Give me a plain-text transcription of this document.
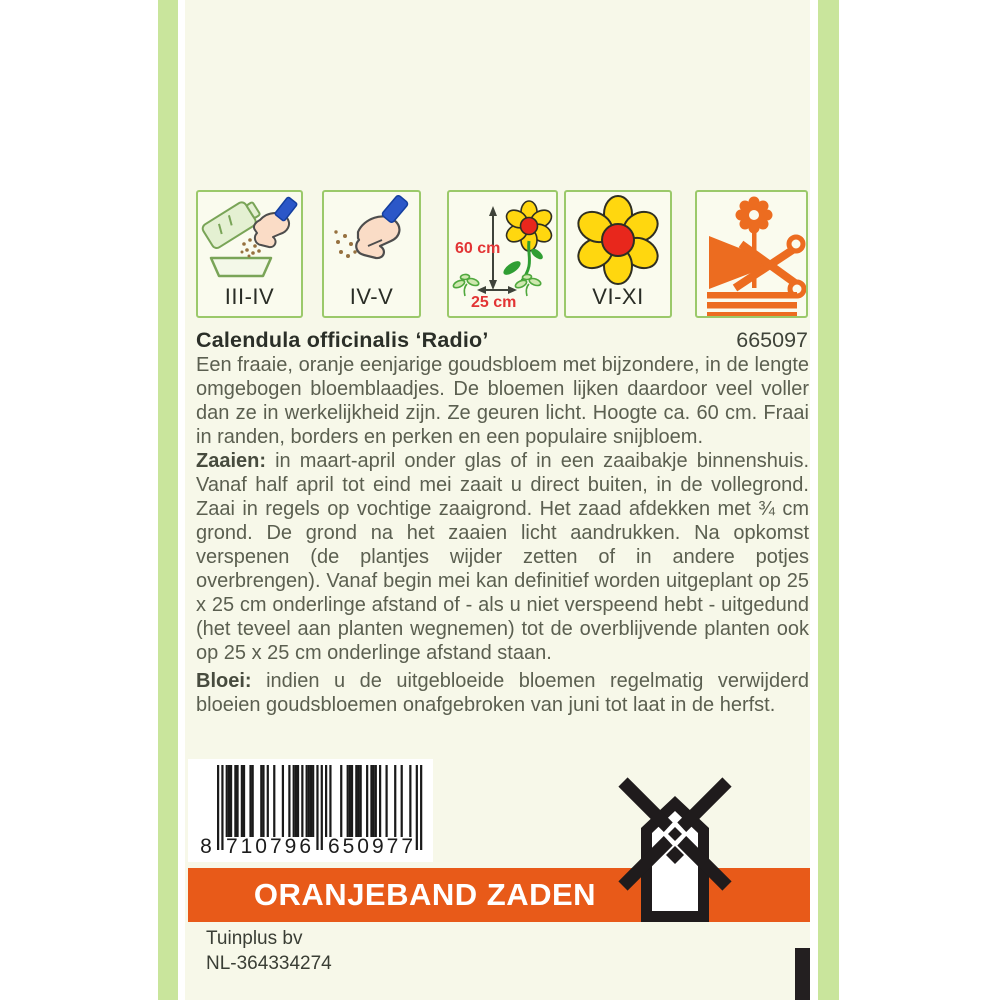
III-IV	IV-V
60 cm
25 cm	VI-XI
Calendula officinalis ‘Radio’	665097

Een fraaie, oranje eenjarige goudsbloem met bijzondere, in de lengte omgebogen bloemblaadjes. De bloemen lijken daardoor veel voller dan ze in werkelijkheid zijn. Ze geuren licht. Hoogte ca. 60 cm. Fraai in randen, borders en perken en een populaire snijbloem.

Zaaien: in maart-april onder glas of in een zaaibakje binnenshuis. Vanaf half april tot eind mei zaait u direct buiten, in de vollegrond. Zaai in regels op vochtige zaaigrond. Het zaad afdekken met ¾ cm grond. De grond na het zaaien licht aandrukken. Na opkomst verspenen (de plantjes wijder zetten of in andere potjes overbrengen). Vanaf begin mei kan definitief worden uitgeplant op 25 x 25 cm onderlinge afstand of - als u niet verspeend hebt - uitgedund (het teveel aan planten wegnemen) tot de overblijvende planten ook op 25 x 25 cm onderlinge afstand staan.

Bloei: indien u de uitgebloeide bloemen regelmatig verwijderd bloeien goudsbloemen onafgebroken van juni tot laat in de herfst.

8 710796 650977
ORANJEBAND ZADEN
Tuinplus bv
NL-364334274
